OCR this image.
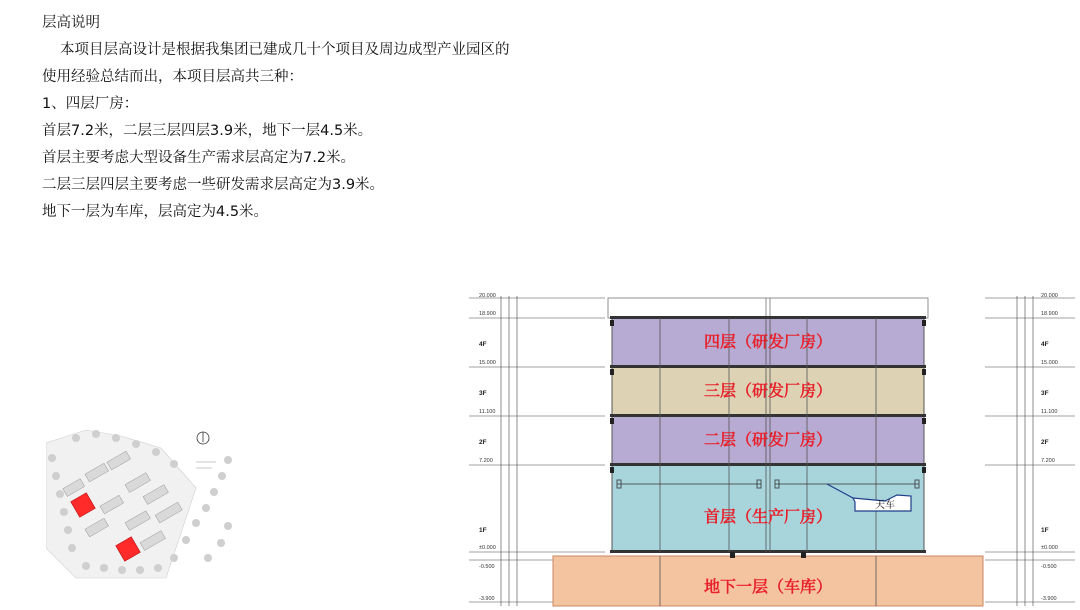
层高说明
本项目层高设计是根据我集团已建成几十个项目及周边成型产业园区的
使用经验总结而出，本项目层高共三种：
1、四层厂房：
首层7.2米，二层三层四层3.9米，地下一层4.5米。
首层主要考虑大型设备生产需求层高定为7.2米。
二层三层四层主要考虑一些研发需求层高定为3.9米。
地下一层为车库，层高定为4.5米。
20.000
18.900
15.000
11.100
7.200
±0.000
-0.500
-3.900
20.000
18.900
15.000
11.100
7.200
±0.000
-0.500
-3.900
4F
3F
2F
1F
4F
3F
2F
1F
天车
四层（研发厂房）
三层（研发厂房）
二层（研发厂房）
首层（生产厂房）
地下一层（车库）
